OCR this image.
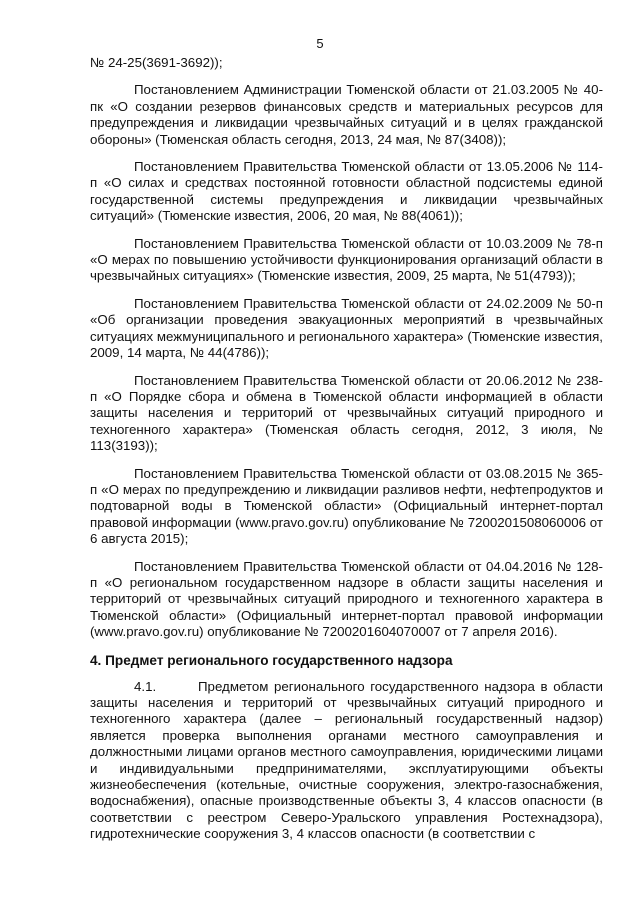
5

№ 24-25(3691-3692));

Постановлением Администрации Тюменской области от 21.03.2005 № 40-пк «О создании резервов финансовых средств и материальных ресурсов для предупреждения и ликвидации чрезвычайных ситуаций и в целях гражданской обороны» (Тюменская область сегодня, 2013, 24 мая, № 87(3408));

Постановлением Правительства Тюменской области от 13.05.2006 № 114-п «О силах и средствах постоянной готовности областной подсистемы единой государственной системы предупреждения и ликвидации чрезвычайных ситуаций» (Тюменские известия, 2006, 20 мая, № 88(4061));

Постановлением Правительства Тюменской области от 10.03.2009 № 78-п «О мерах по повышению устойчивости функционирования организаций области в чрезвычайных ситуациях» (Тюменские известия, 2009, 25 марта, № 51(4793));

Постановлением Правительства Тюменской области от 24.02.2009 № 50-п «Об организации проведения эвакуационных мероприятий в чрезвычайных ситуациях межмуниципального и регионального характера» (Тюменские известия, 2009, 14 марта, № 44(4786));

Постановлением Правительства Тюменской области от 20.06.2012 № 238-п «О Порядке сбора и обмена в Тюменской области информацией в области защиты населения и территорий от чрезвычайных ситуаций природного и техногенного характера» (Тюменская область сегодня, 2012, 3 июля, № 113(3193));

Постановлением Правительства Тюменской области от 03.08.2015 № 365-п «О мерах по предупреждению и ликвидации разливов нефти, нефтепродуктов и подтоварной воды в Тюменской области» (Официальный интернет-портал правовой информации (www.pravo.gov.ru) опубликование № 7200201508060006 от 6 августа 2015);

Постановлением Правительства Тюменской области от 04.04.2016 № 128-п «О региональном государственном надзоре в области защиты населения и территорий от чрезвычайных ситуаций природного и техногенного характера в Тюменской области» (Официальный интернет-портал правовой информации (www.pravo.gov.ru) опубликование № 7200201604070007 от 7 апреля 2016).

4. Предмет регионального государственного надзора

4.1.	Предметом регионального государственного надзора в области защиты населения и территорий от чрезвычайных ситуаций природного и техногенного характера (далее – региональный государственный надзор) является проверка выполнения органами местного самоуправления и должностными лицами органов местного самоуправления, юридическими лицами и индивидуальными предпринимателями, эксплуатирующими объекты жизнеобеспечения (котельные, очистные сооружения, электро-газоснабжения, водоснабжения), опасные производственные объекты 3, 4 классов опасности (в соответствии с реестром Северо-Уральского управления Ростехнадзора), гидротехнические сооружения 3, 4 классов опасности (в соответствии с
